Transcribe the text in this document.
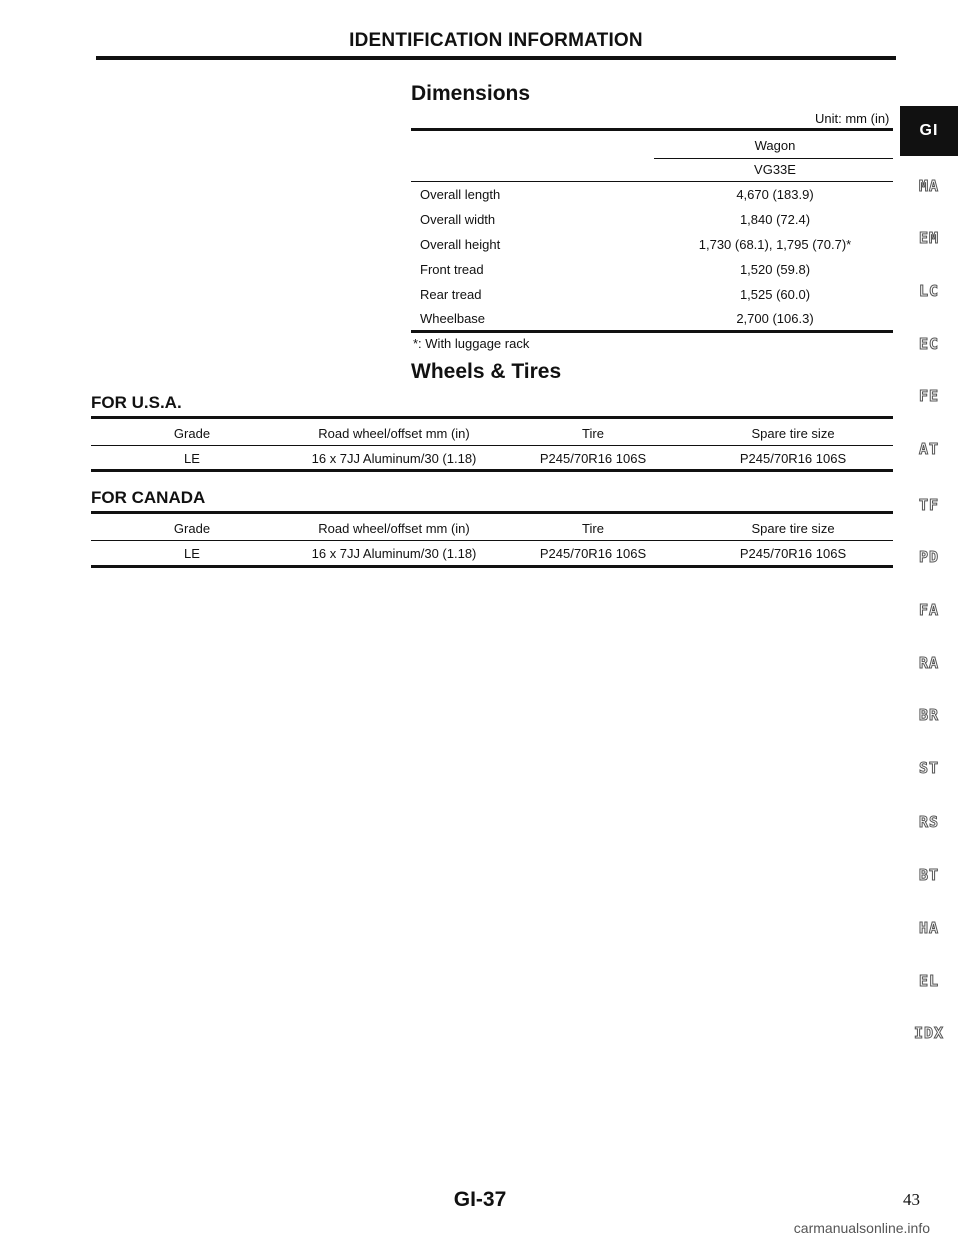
IDENTIFICATION INFORMATION
Dimensions
Unit: mm (in)
Wagon
VG33E
Overall length	4,670 (183.9)
Overall width	1,840 (72.4)
Overall height	1,730 (68.1), 1,795 (70.7)*
Front tread	1,520 (59.8)
Rear tread	1,525 (60.0)
Wheelbase	2,700 (106.3)
*: With luggage rack
Wheels & Tires
FOR U.S.A.
Grade	Road wheel/offset mm (in)	Tire	Spare tire size
LE	16 x 7JJ Aluminum/30 (1.18)	P245/70R16 106S	P245/70R16 106S
FOR CANADA
Grade	Road wheel/offset mm (in)	Tire	Spare tire size
LE	16 x 7JJ Aluminum/30 (1.18)	P245/70R16 106S	P245/70R16 106S
GI
MA
EM
LC
EC
FE
AT
TF
PD
FA
RA
BR
ST
RS
BT
HA
EL
IDX
GI-37	43
carmanualsonline.info
